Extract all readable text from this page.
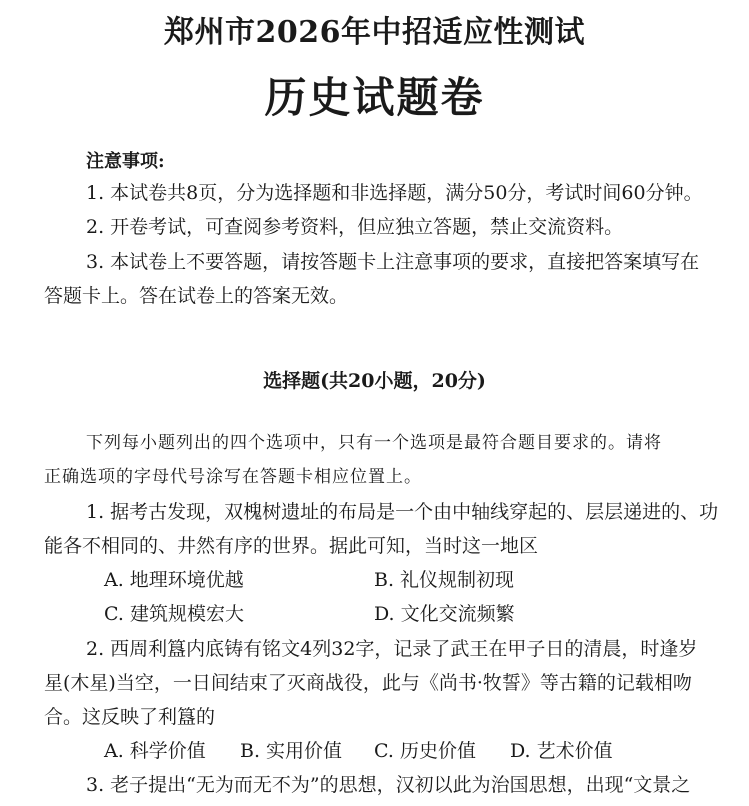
郑州市2026年中招适应性测试
历史试题卷
注意事项:
1. 本试卷共8页，分为选择题和非选择题，满分50分，考试时间60分钟。
2. 开卷考试，可查阅参考资料，但应独立答题，禁止交流资料。
3. 本试卷上不要答题，请按答题卡上注意事项的要求，直接把答案填写在
答题卡上。答在试卷上的答案无效。
选择题(共20小题，20分)
下列每小题列出的四个选项中，只有一个选项是最符合题目要求的。请将
正确选项的字母代号涂写在答题卡相应位置上。
1. 据考古发现，双槐树遗址的布局是一个由中轴线穿起的、层层递进的、功
能各不相同的、井然有序的世界。据此可知，当时这一地区
A. 地理环境优越	B. 礼仪规制初现
C. 建筑规模宏大	D. 文化交流频繁
2. 西周利簋内底铸有铭文4列32字，记录了武王在甲子日的清晨，时逢岁
星(木星)当空，一日间结束了灭商战役，此与《尚书·牧誓》等古籍的记载相吻
合。这反映了利簋的
A. 科学价值 B. 实用价值 C. 历史价值 D. 艺术价值
3. 老子提出“无为而无不为”的思想，汉初以此为治国思想，出现“文景之
